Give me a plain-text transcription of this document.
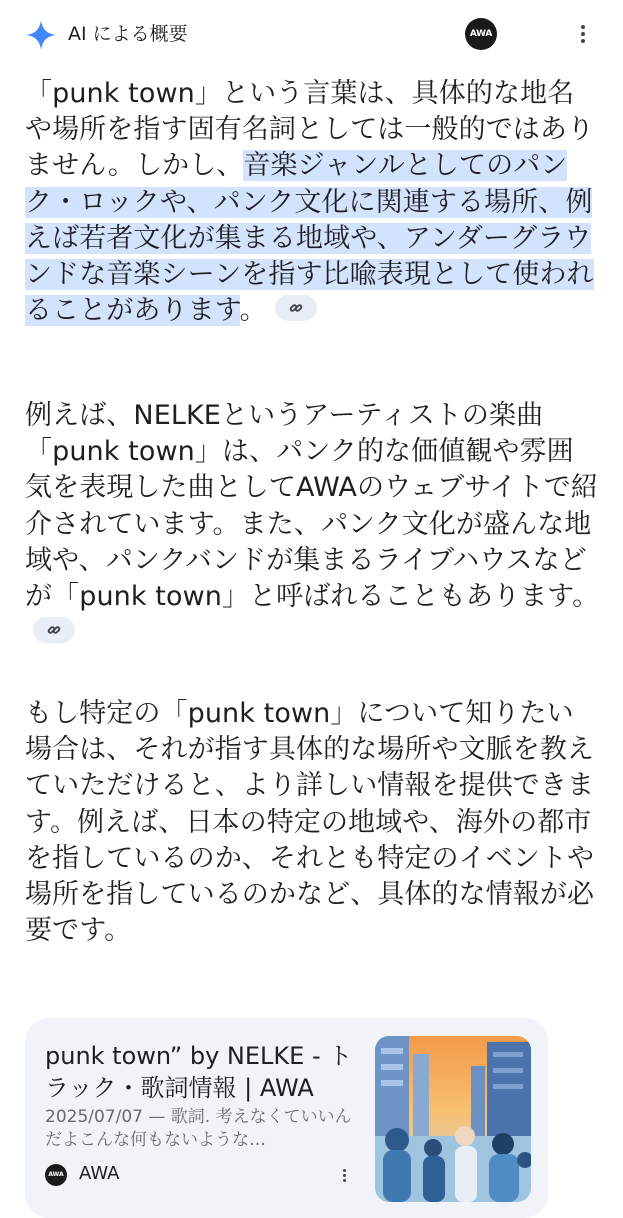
AI による概要	AWA

「punk town」という言葉は、具体的な地名や場所を指す固有名詞としては一般的ではありません。しかし、音楽ジャンルとしてのパンク・ロックや、パンク文化に関連する場所、例えば若者文化が集まる地域や、アンダーグラウンドな音楽シーンを指す比喩表現として使われることがあります。

例えば、NELKEというアーティストの楽曲「punk town」は、パンク的な価値観や雰囲気を表現した曲としてAWAのウェブサイトで紹介されています。また、パンク文化が盛んな地域や、パンクバンドが集まるライブハウスなどが「punk town」と呼ばれることもあります。

もし特定の「punk town」について知りたい場合は、それが指す具体的な場所や文脈を教えていただけると、より詳しい情報を提供できます。例えば、日本の特定の地域や、海外の都市を指しているのか、それとも特定のイベントや場所を指しているのかなど、具体的な情報が必要です。

punk town” by NELKE - トラック・歌詞情報 | AWA
2025/07/07 — 歌詞. 考えなくていいんだよこんな何もないような…
AWA AWA
